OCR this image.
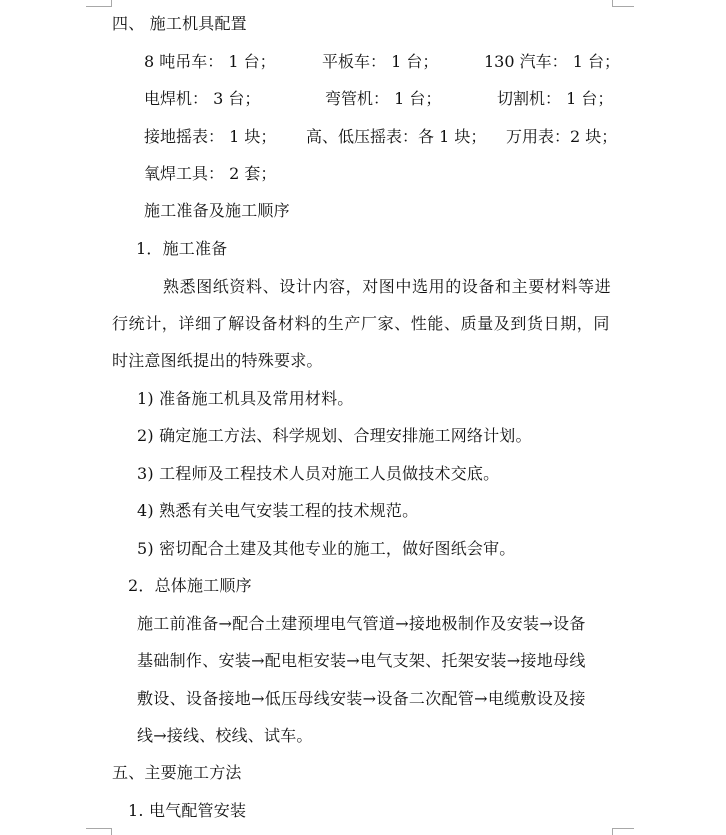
四、 施工机具配置
8 吨吊车： 1 台；	平板车： 1 台；	130 汽车： 1 台；
电焊机： 3 台；	弯管机： 1 台；	切割机： 1 台；
接地摇表： 1 块； 高、低压摇表：各 1 块； 万用表：2 块；
氧焊工具： 2 套；
施工准备及施工顺序
1．施工准备
熟悉图纸资料、设计内容，对图中选用的设备和主要材料等进
行统计，详细了解设备材料的生产厂家、性能、质量及到货日期，同
时注意图纸提出的特殊要求。
1) 准备施工机具及常用材料。
2) 确定施工方法、科学规划、合理安排施工网络计划。
3) 工程师及工程技术人员对施工人员做技术交底。
4) 熟悉有关电气安装工程的技术规范。
5) 密切配合土建及其他专业的施工，做好图纸会审。
2．总体施工顺序
施工前准备→配合土建预埋电气管道→接地极制作及安装→设备
基础制作、安装→配电柜安装→电气支架、托架安装→接地母线
敷设、设备接地→低压母线安装→设备二次配管→电缆敷设及接
线→接线、校线、试车。
五、主要施工方法
1. 电气配管安装
